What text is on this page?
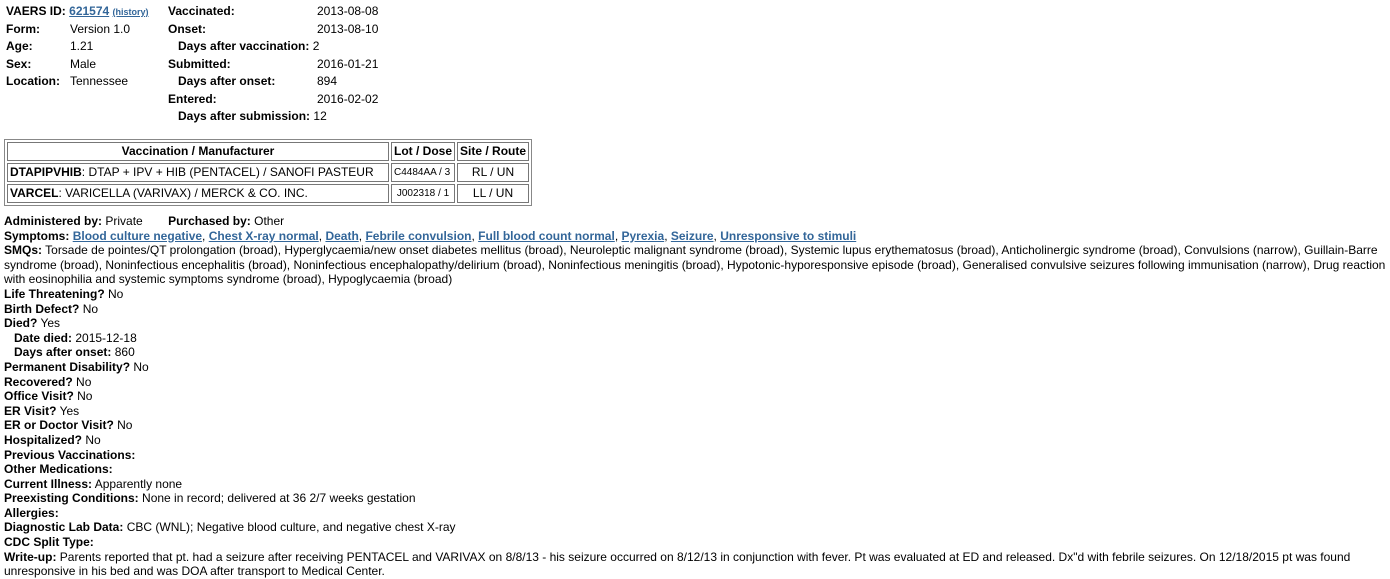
VAERS ID: 621574 (history)
Form:	Version 1.0
Age:	1.21
Sex:	Male
Location: Tennessee
Vaccinated:	2013-08-08
Onset:	2013-08-10
Days after vaccination: 2
Submitted:	2016-01-21
Days after onset:	894
Entered:	2016-02-02
Days after submission: 12
Vaccination / Manufacturer	Lot / Dose	Site / Route
DTAPIPVHIB: DTAP + IPV + HIB (PENTACEL) / SANOFI PASTEUR	C4484AA / 3	RL / UN
VARCEL: VARICELLA (VARIVAX) / MERCK & CO. INC.	J002318 / 1	LL / UN
Administered by: Private Purchased by: Other
Symptoms: Blood culture negative, Chest X-ray normal, Death, Febrile convulsion, Full blood count normal, Pyrexia, Seizure, Unresponsive to stimuli
SMQs: Torsade de pointes/QT prolongation (broad), Hyperglycaemia/new onset diabetes mellitus (broad), Neuroleptic malignant syndrome (broad), Systemic lupus erythematosus (broad), Anticholinergic syndrome (broad), Convulsions (narrow), Guillain-Barre syndrome (broad), Noninfectious encephalitis (broad), Noninfectious encephalopathy/delirium (broad), Noninfectious meningitis (broad), Hypotonic-hyporesponsive episode (broad), Generalised convulsive seizures following immunisation (narrow), Drug reaction with eosinophilia and systemic symptoms syndrome (broad), Hypoglycaemia (broad)
Life Threatening? No
Birth Defect? No
Died? Yes
Date died: 2015-12-18
Days after onset: 860
Permanent Disability? No
Recovered? No
Office Visit? No
ER Visit? Yes
ER or Doctor Visit? No
Hospitalized? No
Previous Vaccinations:
Other Medications:
Current Illness: Apparently none
Preexisting Conditions: None in record; delivered at 36 2/7 weeks gestation
Allergies:
Diagnostic Lab Data: CBC (WNL); Negative blood culture, and negative chest X-ray
CDC Split Type:
Write-up: Parents reported that pt. had a seizure after receiving PENTACEL and VARIVAX on 8/8/13 - his seizure occurred on 8/12/13 in conjunction with fever. Pt was evaluated at ED and released. Dx"d with febrile seizures. On 12/18/2015 pt was found unresponsive in his bed and was DOA after transport to Medical Center.
